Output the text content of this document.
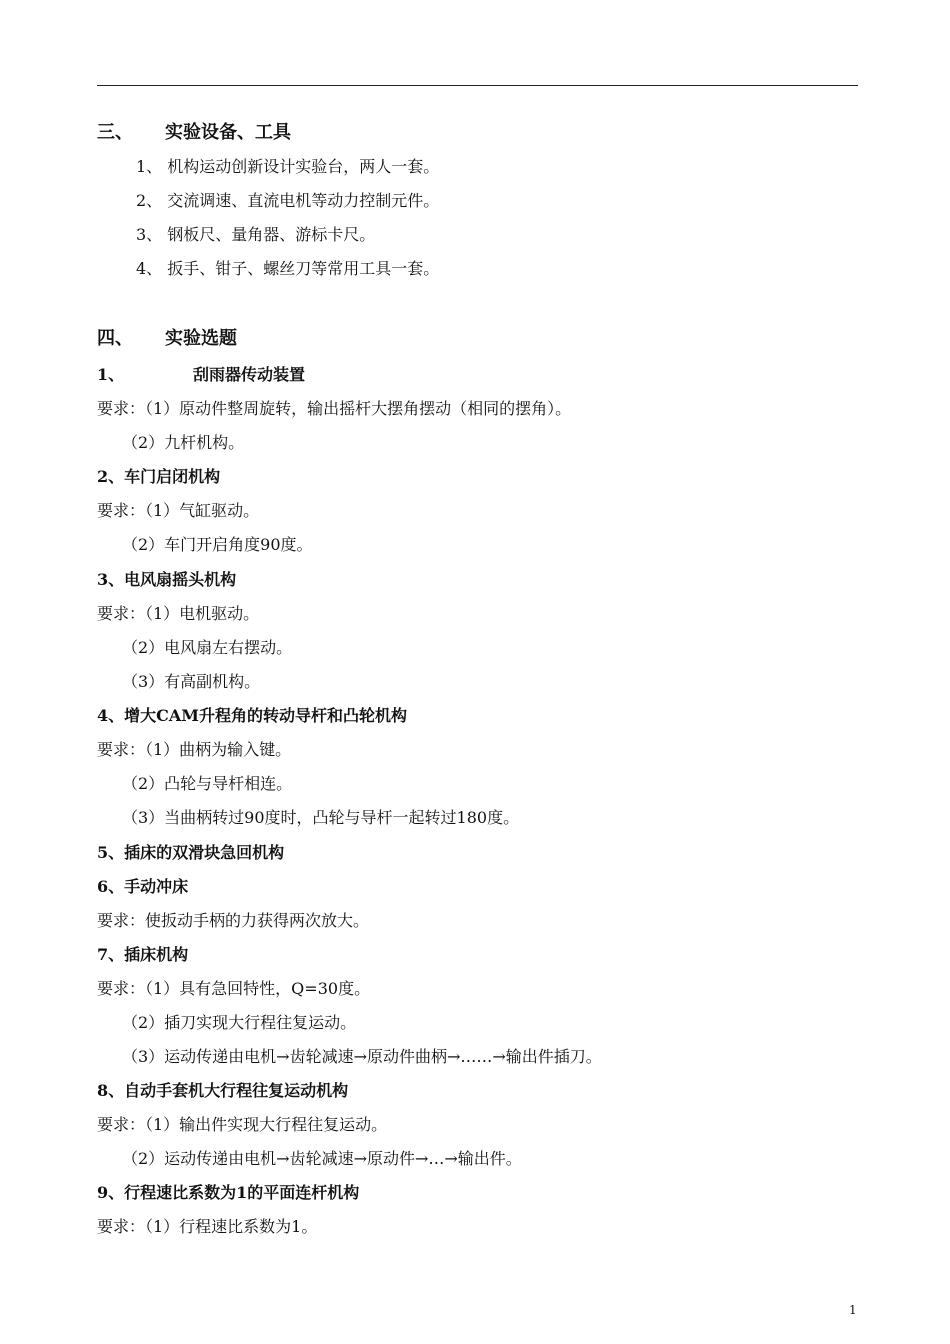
三、 实验设备、工具
1、 机构运动创新设计实验台，两人一套。
2、 交流调速、直流电机等动力控制元件。
3、 钢板尺、量角器、游标卡尺。
4、 扳手、钳子、螺丝刀等常用工具一套。
四、 实验选题
1、	刮雨器传动装置
要求：（1）原动件整周旋转，输出摇杆大摆角摆动（相同的摆角）。
（2）九杆机构。
2、车门启闭机构
要求：（1）气缸驱动。
（2）车门开启角度90度。
3、电风扇摇头机构
要求：（1）电机驱动。
（2）电风扇左右摆动。
（3）有高副机构。
4、增大CAM升程角的转动导杆和凸轮机构
要求：（1）曲柄为输入键。
（2）凸轮与导杆相连。
（3）当曲柄转过90度时，凸轮与导杆一起转过180度。
5、插床的双滑块急回机构
6、手动冲床
要求：使扳动手柄的力获得两次放大。
7、插床机构
要求：（1）具有急回特性，Q=30度。
（2）插刀实现大行程往复运动。
（3）运动传递由电机→齿轮减速→原动件曲柄→……→输出件插刀。
8、自动手套机大行程往复运动机构
要求：（1）输出件实现大行程往复运动。
（2）运动传递由电机→齿轮减速→原动件→…→输出件。
9、行程速比系数为1的平面连杆机构
要求：（1）行程速比系数为1。
1
